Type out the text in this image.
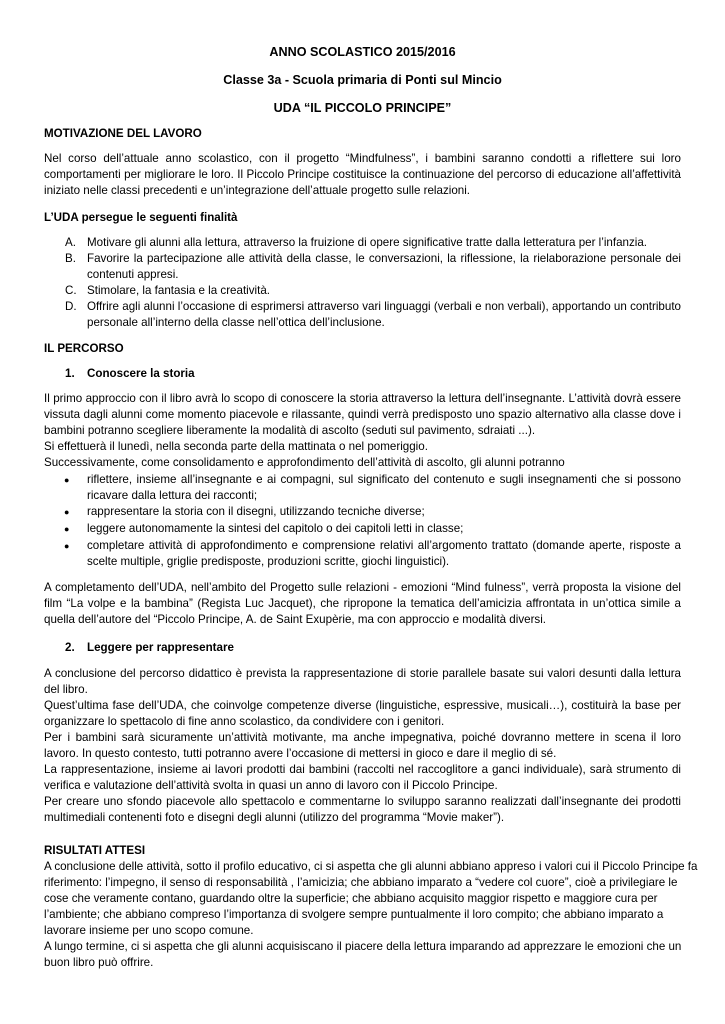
ANNO SCOLASTICO 2015/2016
Classe 3a - Scuola primaria di Ponti sul Mincio
UDA “IL PICCOLO PRINCIPE”
MOTIVAZIONE DEL LAVORO
Nel corso dell’attuale anno scolastico, con il progetto “Mindfulness”, i bambini saranno condotti a riflettere sui loro comportamenti per migliorare le loro. Il Piccolo Principe costituisce la continuazione del percorso di educazione all’affettività iniziato nelle classi precedenti e un’integrazione dell’attuale progetto sulle relazioni.
L’UDA persegue le seguenti finalità
A. Motivare gli alunni alla lettura, attraverso la fruizione di opere significative tratte dalla letteratura per l’infanzia.
B. Favorire la partecipazione alle attività della classe, le conversazioni, la riflessione, la rielaborazione personale dei contenuti appresi.
C. Stimolare, la fantasia e la creatività.
D. Offrire agli alunni l’occasione di esprimersi attraverso vari linguaggi (verbali e non verbali), apportando un contributo personale all’interno della classe nell’ottica dell’inclusione.
IL PERCORSO
1. Conoscere la storia
Il primo approccio con il libro avrà lo scopo di conoscere la storia attraverso la lettura dell’insegnante. L’attività dovrà essere vissuta dagli alunni come momento piacevole e rilassante, quindi verrà predisposto uno spazio alternativo alla classe dove i bambini potranno scegliere liberamente la modalità di ascolto (seduti sul pavimento, sdraiati ...).
Si effettuerà il lunedì, nella seconda parte della mattinata o nel pomeriggio.
Successivamente, come consolidamento e approfondimento dell’attività di ascolto, gli alunni potranno
● riflettere, insieme all’insegnante e ai compagni, sul significato del contenuto e sugli insegnamenti che si possono ricavare dalla lettura dei racconti;
● rappresentare la storia con il disegni, utilizzando tecniche diverse;
● leggere autonomamente la sintesi del capitolo o dei capitoli letti in classe;
● completare attività di approfondimento e comprensione relativi all’argomento trattato (domande aperte, risposte a scelte multiple, griglie predisposte, produzioni scritte, giochi linguistici).
A completamento dell’UDA, nell’ambito del Progetto sulle relazioni - emozioni “Mind fulness”, verrà proposta la visione del film “La volpe e la bambina” (Regista Luc Jacquet), che ripropone la tematica dell’amicizia affrontata in un’ottica simile a quella dell’autore del “Piccolo Principe, A. de Saint Exupèrie, ma con approccio e modalità diversi.
2. Leggere per rappresentare
A conclusione del percorso didattico è prevista la rappresentazione di storie parallele basate sui valori desunti dalla lettura del libro.
Quest’ultima fase dell’UDA, che coinvolge competenze diverse (linguistiche, espressive, musicali…), costituirà la base per organizzare lo spettacolo di fine anno scolastico, da condividere con i genitori.
Per i bambini sarà sicuramente un’attività motivante, ma anche impegnativa, poiché dovranno mettere in scena il loro lavoro. In questo contesto, tutti potranno avere l’occasione di mettersi in gioco e dare il meglio di sé.
La rappresentazione, insieme ai lavori prodotti dai bambini (raccolti nel raccoglitore a ganci individuale), sarà strumento di verifica e valutazione dell’attività svolta in quasi un anno di lavoro con il Piccolo Principe.
Per creare uno sfondo piacevole allo spettacolo e commentarne lo sviluppo saranno realizzati dall’insegnante dei prodotti multimediali contenenti foto e disegni degli alunni (utilizzo del programma “Movie maker”).
RISULTATI ATTESI
A conclusione delle attività, sotto il profilo educativo, ci si aspetta che gli alunni abbiano appreso i valori cui il Piccolo Principe fa
riferimento: l’impegno, il senso di responsabilità , l’amicizia; che abbiano imparato a “vedere col cuore”, cioè a privilegiare le
cose che veramente contano, guardando oltre la superficie; che abbiano acquisito maggior rispetto e maggiore cura per
l’ambiente; che abbiano compreso l’importanza di svolgere sempre puntualmente il loro compito; che abbiano imparato a
lavorare insieme per uno scopo comune.
A lungo termine, ci si aspetta che gli alunni acquisiscano il piacere della lettura imparando ad apprezzare le emozioni che un
buon libro può offrire.
